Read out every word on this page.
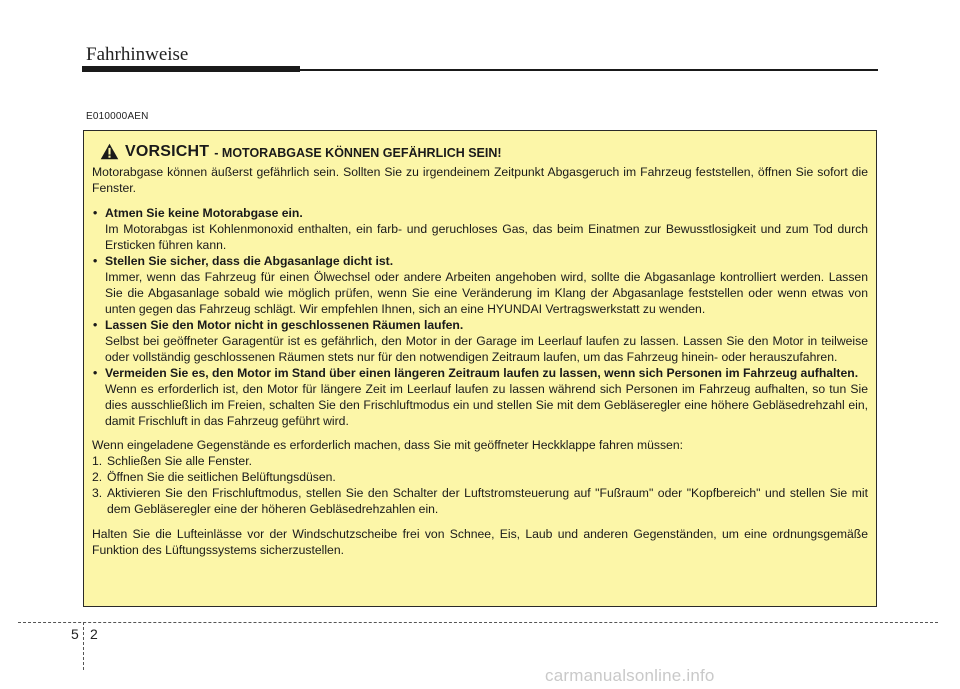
Fahrhinweise
E010000AEN
VORSICHT - MOTORABGASE KÖNNEN GEFÄHRLICH SEIN!

Motorabgase können äußerst gefährlich sein. Sollten Sie zu irgendeinem Zeitpunkt Abgasgeruch im Fahrzeug feststellen, öffnen Sie sofort die Fenster.

• Atmen Sie keine Motorabgase ein.

Im Motorabgas ist Kohlenmonoxid enthalten, ein farb- und geruchloses Gas, das beim Einatmen zur Bewusstlosigkeit und zum Tod durch Ersticken führen kann.

• Stellen Sie sicher, dass die Abgasanlage dicht ist.

Immer, wenn das Fahrzeug für einen Ölwechsel oder andere Arbeiten angehoben wird, sollte die Abgasanlage kontrolliert werden. Lassen Sie die Abgasanlage sobald wie möglich prüfen, wenn Sie eine Veränderung im Klang der Abgasanlage feststellen oder wenn etwas von unten gegen das Fahrzeug schlägt. Wir empfehlen Ihnen, sich an eine HYUNDAI Vertragswerkstatt zu wenden.

• Lassen Sie den Motor nicht in geschlossenen Räumen laufen.

Selbst bei geöffneter Garagentür ist es gefährlich, den Motor in der Garage im Leerlauf laufen zu lassen. Lassen Sie den Motor in teilweise oder vollständig geschlossenen Räumen stets nur für den notwendigen Zeitraum laufen, um das Fahrzeug hinein- oder herauszufahren.

• Vermeiden Sie es, den Motor im Stand über einen längeren Zeitraum laufen zu lassen, wenn sich Personen im Fahrzeug aufhalten.

Wenn es erforderlich ist, den Motor für längere Zeit im Leerlauf laufen zu lassen während sich Personen im Fahrzeug aufhalten, so tun Sie dies ausschließlich im Freien, schalten Sie den Frischluftmodus ein und stellen Sie mit dem Gebläseregler eine höhere Gebläsedrehzahl ein, damit Frischluft in das Fahrzeug geführt wird.

Wenn eingeladene Gegenstände es erforderlich machen, dass Sie mit geöffneter Heckklappe fahren müssen:

1. Schließen Sie alle Fenster.
2. Öffnen Sie die seitlichen Belüftungsdüsen.
3. Aktivieren Sie den Frischluftmodus, stellen Sie den Schalter der Luftstromsteuerung auf "Fußraum" oder "Kopfbereich" und stellen Sie mit dem Gebläseregler eine der höheren Gebläsedrehzahlen ein.

Halten Sie die Lufteinlässe vor der Windschutzscheibe frei von Schnee, Eis, Laub und anderen Gegenständen, um eine ordnungsgemäße Funktion des Lüftungssystems sicherzustellen.

5 2
carmanualsonline.info
